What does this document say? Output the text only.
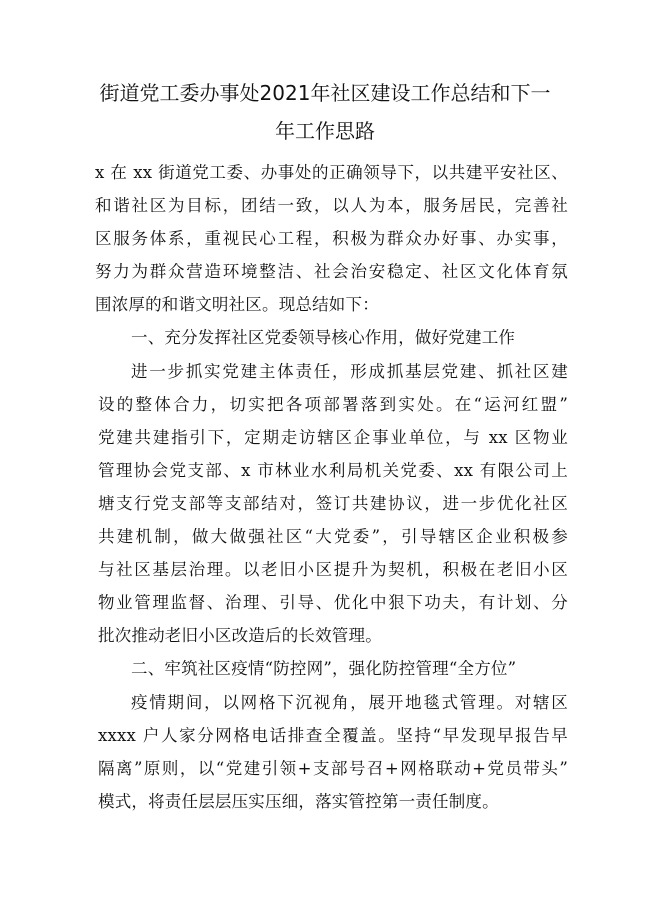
街道党工委办事处2021年社区建设工作总结和下一
年工作思路
x 在 xx 街道党工委、办事处的正确领导下，以共建平安社区、
和谐社区为目标，团结一致，以人为本，服务居民，完善社
区服务体系，重视民心工程，积极为群众办好事、办实事，
努力为群众营造环境整洁、社会治安稳定、社区文化体育氛
围浓厚的和谐文明社区。现总结如下：
一、充分发挥社区党委领导核心作用，做好党建工作
进一步抓实党建主体责任，形成抓基层党建、抓社区建
设的整体合力，切实把各项部署落到实处。在“运河红盟”
党建共建指引下，定期走访辖区企事业单位，与 xx 区物业
管理协会党支部、x 市林业水利局机关党委、xx 有限公司上
塘支行党支部等支部结对，签订共建协议，进一步优化社区
共建机制，做大做强社区“大党委”，引导辖区企业积极参
与社区基层治理。以老旧小区提升为契机，积极在老旧小区
物业管理监督、治理、引导、优化中狠下功夫，有计划、分
批次推动老旧小区改造后的长效管理。
二、牢筑社区疫情“防控网”，强化防控管理“全方位”
疫情期间，以网格下沉视角，展开地毯式管理。对辖区
xxxx 户人家分网格电话排查全覆盖。坚持“早发现早报告早
隔离”原则，以“党建引领+支部号召+网格联动+党员带头”
模式，将责任层层压实压细，落实管控第一责任制度。
